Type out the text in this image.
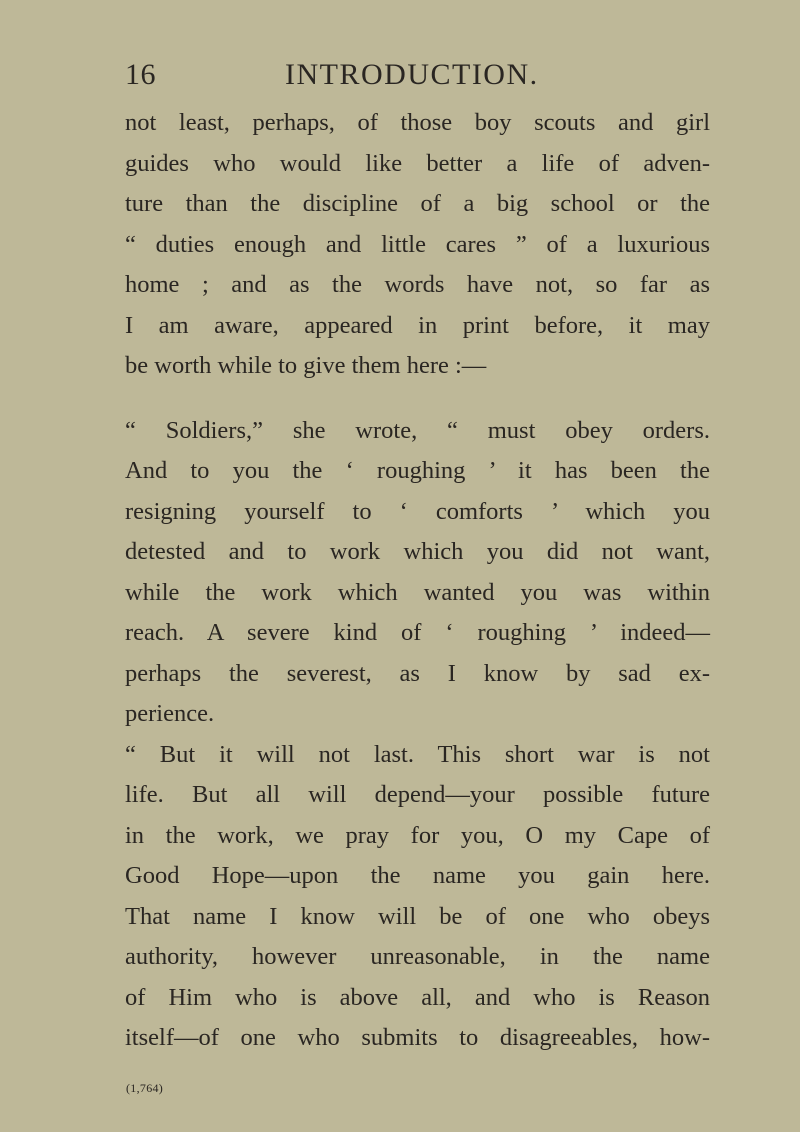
16	INTRODUCTION.
not least, perhaps, of those boy scouts and girl
guides who would like better a life of adven-
ture than the discipline of a big school or the
“ duties enough and little cares ” of a luxurious
home ; and as the words have not, so far as
I am aware, appeared in print before, it may
be worth while to give them here :—
“ Soldiers,” she wrote, “ must obey orders.
And to you the ‘ roughing ’ it has been the
resigning yourself to ‘ comforts ’ which you
detested and to work which you did not want,
while the work which wanted you was within
reach. A severe kind of ‘ roughing ’ indeed—
perhaps the severest, as I know by sad ex-
perience.
“ But it will not last. This short war is not
life. But all will depend—your possible future
in the work, we pray for you, O my Cape of
Good Hope—upon the name you gain here.
That name I know will be of one who obeys
authority, however unreasonable, in the name
of Him who is above all, and who is Reason
itself—of one who submits to disagreeables, how-
(1,764)
